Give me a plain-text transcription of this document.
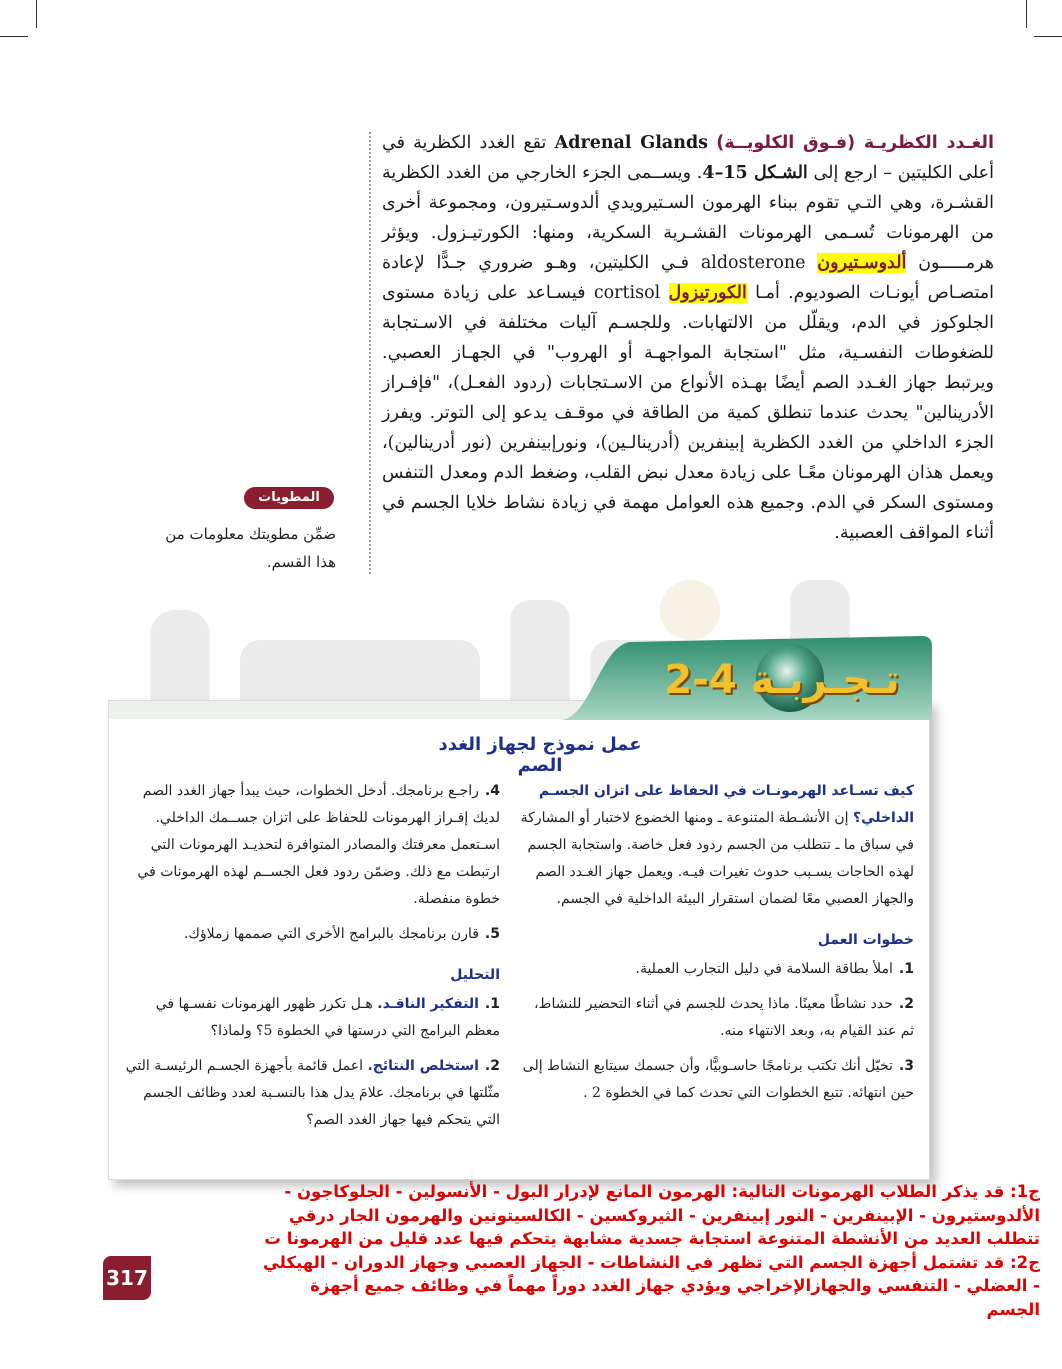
الغـدد الكظريـة (فـوق الكلويــة) Adrenal Glands تقع الغدد الكظرية في أعلى الكليتين – ارجع إلى الشـكل 15–4. ويســمى الجزء الخارجي من الغدد الكظرية القشـرة، وهي التـي تقوم ببناء الهرمون السـتيرويدي ألدوسـتيرون، ومجموعة أخرى من الهرمونات تُسـمى الهرمونات القشـرية السكرية، ومنها: الكورتيـزول. ويؤثر هرمـــــون ألدوسـتيرون aldosterone فـي الكليتين، وهـو ضروري جـدًّا لإعادة امتصـاص أيونـات الصوديوم. أمـا الكورتيزول cortisol فيسـاعد على زيادة مستوى الجلوكوز في الدم، ويقلّل من الالتهابات. وللجسـم آليات مختلفة في الاسـتجابة للضغوطات النفسـية، مثل "استجابة المواجهـة أو الهروب" في الجهـاز العصبي. ويرتبط جهاز الغـدد الصم أيضًا بهـذه الأنواع من الاسـتجابات (ردود الفعـل)، "فإفـراز الأدرينالين" يحدث عندما تنطلق كمية من الطاقة في موقـف يدعو إلى التوتر. ويفرز الجزء الداخلي من الغدد الكظرية إبينفرين (أدرينالـين)، ونورإبينفرين (نور أدرينالين)، ويعمل هذان الهرمونان معًـا على زيادة معدل نبض القلب، وضغط الدم ومعدل التنفس ومستوى السكر في الدم. وجميع هذه العوامل مهمة في زيادة نشاط خلايا الجسم في أثناء المواقف العصبية.
المطويات
ضمِّن مطويتك معلومات من هذا القسم.
تـجـربـة 4-2
عمل نموذج لجهاز الغدد الصم

كيف تسـاعد الهرمونـات في الحفاظ على اتزان الجسـم الداخلي؟ إن الأنشـطة المتنوعة ـ ومنها الخضوع لاختبار أو المشاركة في سباق ما ـ تتطلب من الجسم ردود فعل خاصة. واستجابة الجسم لهذه الحاجات يسـبب حدوث تغيرات فيـه. ويعمل جهاز الغـدد الصم والجهاز العصبي معًا لضمان استقرار البيئة الداخلية في الجسم.

خطوات العمل

1.املأ بطاقة السلامة في دليل التجارب العملية.

2.حدد نشاطًا معينًا. ماذا يحدث للجسم في أثناء التحضير للنشاط، ثم عند القيام به، وبعد الانتهاء منه.

3.تخيّل أنك تكتب برنامجًا حاسـوبيًّا، وأن جسمك سيتابع النشاط إلى حين انتهائه. تتبع الخطوات التي تحدث كما في الخطوة 2 .

4.راجـع برنامجك. أدخل الخطوات، حيث يبدأ جهاز الغدد الصم لديك إفـراز الهرمونات للحفاظ على اتزان جســمك الداخلي. اسـتعمل معرفتك والمصادر المتوافرة لتحديـد الهرمونات التي ارتبطت مع ذلك. وضمّن ردود فعل الجســم لهذه الهرمونات في خطوة منفصلة.

5.قارن برنامجك بالبرامج الأخرى التي صممها زملاؤك.

التحليل

1.التفكير الناقـد. هـل تكرر ظهور الهرمونات نفسـها في معظم البرامج التي درستها في الخطوة 5؟ ولماذا؟

2.استخلص النتائج. اعمل قائمة بأجهزة الجسـم الرئيسـة التي مثّلتها في برنامجك. علامَ يدل هذا بالنسـبة لعدد وظائف الجسم التي يتحكم فيها جهاز الغدد الصم؟

ج1: قد يذكر الطلاب الهرمونات التالية: الهرمون المانع لإدرار البول - الأنسولين - الجلوكاجون - الألدوستيرون - الإبينفرين - النور إبينفرين - الثيروكسين - الكالسيتونين والهرمون الجار درقي تتطلب العديد من الأنشطة المتنوعة استجابة جسدية مشابهة يتحكم فيها عدد قليل من الهرمونا ت
ج2: قد تشتمل أجهزة الجسم التي تظهر في النشاطات - الجهاز العصبي وجهاز الدوران - الهيكلي - العضلي - التنفسي والجهازالإخراجي ويؤدي جهاز الغدد دوراً مهماً في وظائف جميع أجهزة الجسم
317
